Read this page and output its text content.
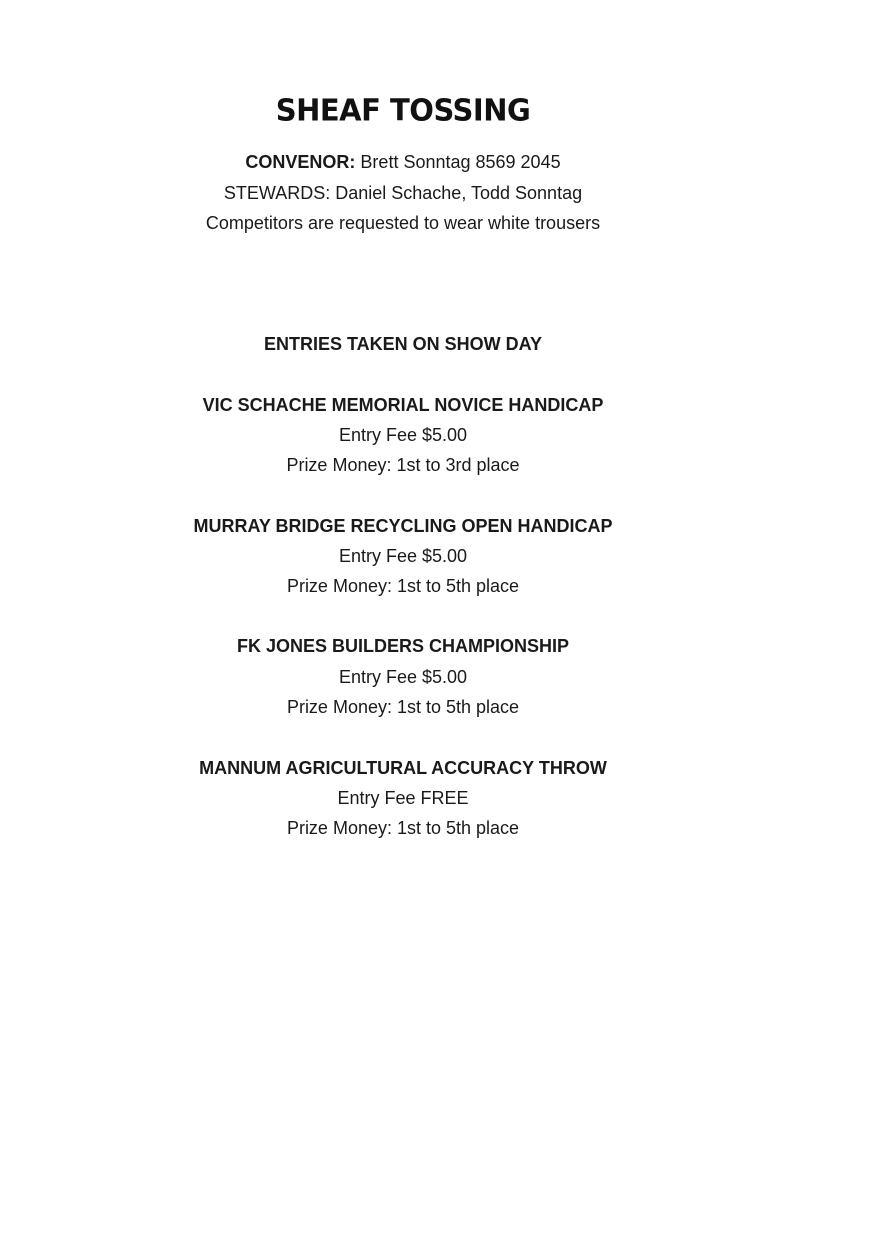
SHEAF TOSSING
CONVENOR: Brett Sonntag 8569 2045
STEWARDS: Daniel Schache, Todd Sonntag
Competitors are requested to wear white trousers
ENTRIES TAKEN ON SHOW DAY
VIC SCHACHE MEMORIAL NOVICE HANDICAP
Entry Fee $5.00
Prize Money: 1st to 3rd place
MURRAY BRIDGE RECYCLING OPEN HANDICAP
Entry Fee $5.00
Prize Money: 1st to 5th place
FK JONES BUILDERS CHAMPIONSHIP
Entry Fee $5.00
Prize Money: 1st to 5th place
MANNUM AGRICULTURAL ACCURACY THROW
Entry Fee FREE
Prize Money: 1st to 5th place
